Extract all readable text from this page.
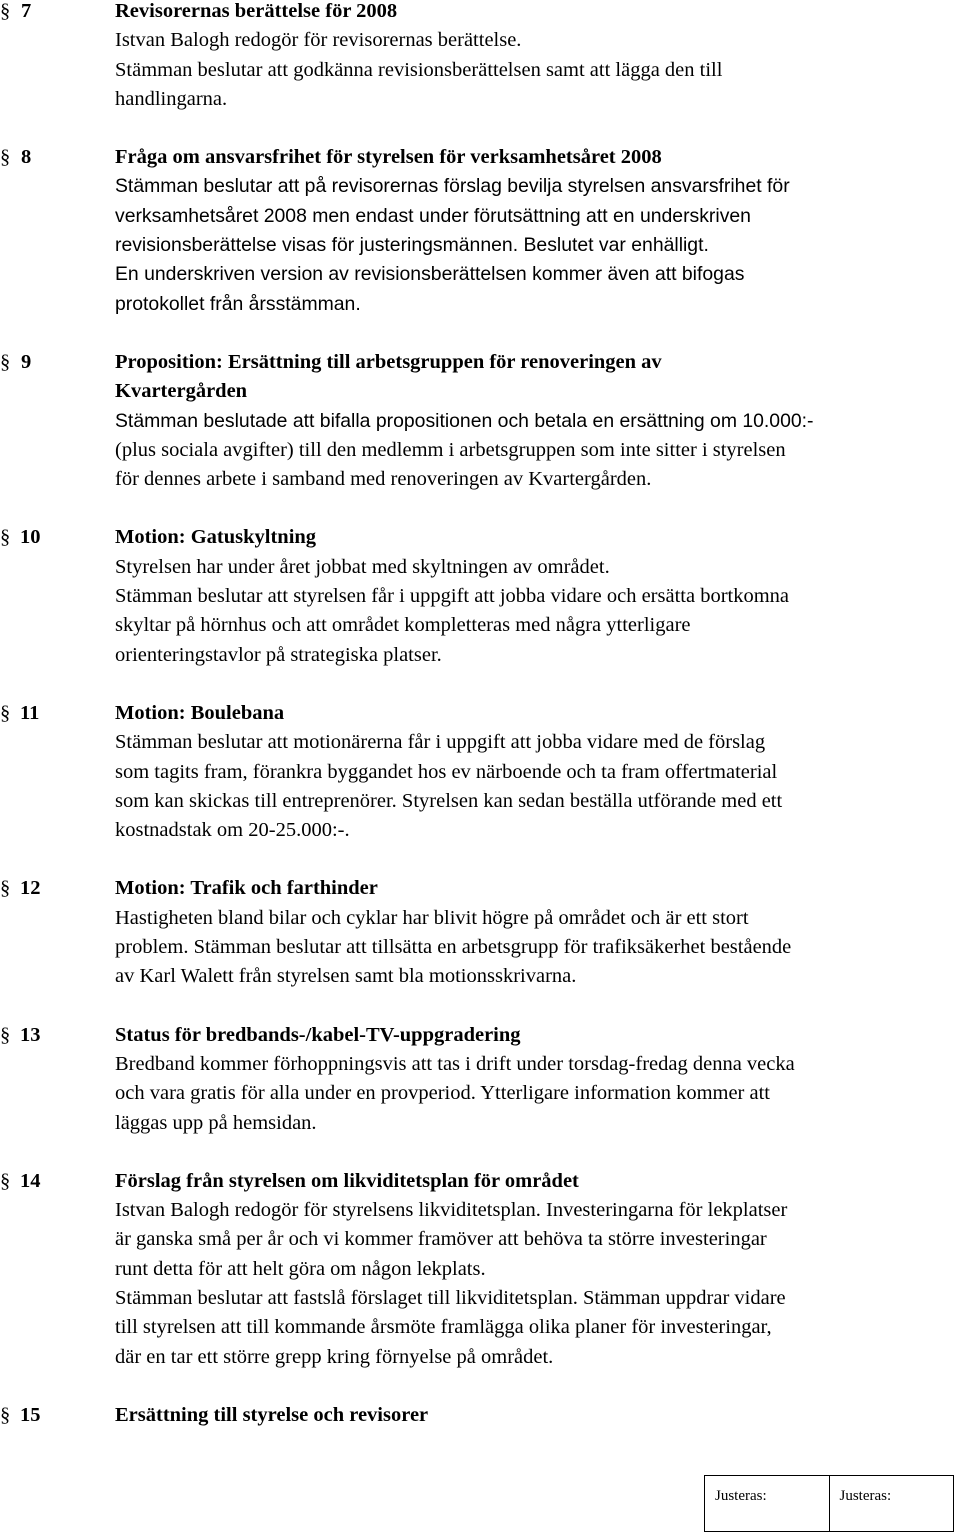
§ 7	Revisorernas berättelse för 2008
Istvan Balogh redogör för revisorernas berättelse.
Stämman beslutar att godkänna revisionsberättelsen samt att lägga den till
handlingarna.
§ 8	Fråga om ansvarsfrihet för styrelsen för verksamhetsåret 2008
Stämman beslutar att på revisorernas förslag bevilja styrelsen ansvarsfrihet för
verksamhetsåret 2008 men endast under förutsättning att en underskriven
revisionsberättelse visas för justeringsmännen. Beslutet var enhälligt.
En underskriven version av revisionsberättelsen kommer även att bifogas
protokollet från årsstämman.
§ 9	Proposition: Ersättning till arbetsgruppen för renoveringen av
Kvartergården
Stämman beslutade att bifalla propositionen och betala en ersättning om 10.000:-
(plus sociala avgifter) till den medlemm i arbetsgruppen som inte sitter i styrelsen
för dennes arbete i samband med renoveringen av Kvartergården.
§ 10	Motion: Gatuskyltning
Styrelsen har under året jobbat med skyltningen av området.
Stämman beslutar att styrelsen får i uppgift att jobba vidare och ersätta bortkomna
skyltar på hörnhus och att området kompletteras med några ytterligare
orienteringstavlor på strategiska platser.
§ 11	Motion: Boulebana
Stämman beslutar att motionärerna får i uppgift att jobba vidare med de förslag
som tagits fram, förankra byggandet hos ev närboende och ta fram offertmaterial
som kan skickas till entreprenörer. Styrelsen kan sedan beställa utförande med ett
kostnadstak om 20-25.000:-.
§ 12	Motion: Trafik och farthinder
Hastigheten bland bilar och cyklar har blivit högre på området och är ett stort
problem. Stämman beslutar att tillsätta en arbetsgrupp för trafiksäkerhet bestående
av Karl Walett från styrelsen samt bla motionsskrivarna.
§ 13	Status för bredbands-/kabel-TV-uppgradering
Bredband kommer förhoppningsvis att tas i drift under torsdag-fredag denna vecka
och vara gratis för alla under en provperiod. Ytterligare information kommer att
läggas upp på hemsidan.
§ 14	Förslag från styrelsen om likviditetsplan för området
Istvan Balogh redogör för styrelsens likviditetsplan. Investeringarna för lekplatser
är ganska små per år och vi kommer framöver att behöva ta större investeringar
runt detta för att helt göra om någon lekplats.
Stämman beslutar att fastslå förslaget till likviditetsplan. Stämman uppdrar vidare
till styrelsen att till kommande årsmöte framlägga olika planer för investeringar,
där en tar ett större grepp kring förnyelse på området.
§ 15	Ersättning till styrelse och revisorer
Justeras:	Justeras:
